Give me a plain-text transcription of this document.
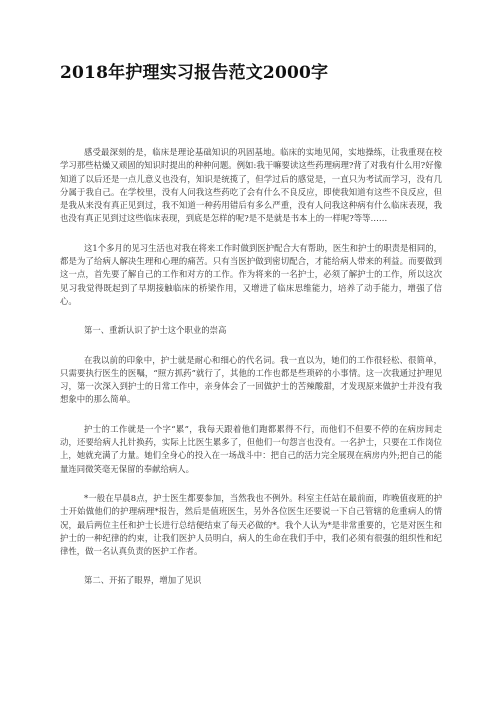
2018年护理实习报告范文2000字

感受最深刻的是，临床是理论基础知识的巩固基地。临床的实地见闻，实地操练，让我重现在校学习那些枯燥又顽固的知识时提出的种种问题。例如:我干嘛要读这些药理病理?背了对我有什么用?好像知道了以后还是一点儿意义也没有，知识是统揽了，但学过后的感觉是，一直只为考试而学习，没有几分属于我自己。在学校里，没有人问我这些药吃了会有什么不良反应，即使我知道有这些不良反应，但是我从来没有真正见到过，我不知道一种药用错后有多么严重，没有人问我这种病有什么临床表现，我也没有真正见到过这些临床表现，到底是怎样的呢?是不是就是书本上的一样呢?等等……

这1个多月的见习生活也对我在将来工作时做到医护配合大有帮助，医生和护士的职责是相同的，都是为了给病人解决生理和心理的痛苦。只有当医护做到密切配合，才能给病人带来的利益。而要做到这一点，首先要了解自己的工作和对方的工作。作为将来的一名护士，必须了解护士的工作，所以这次见习我觉得既起到了早期接触临床的桥梁作用，又增进了临床思维能力，培养了动手能力，增强了信心。

第一、重新认识了护士这个职业的崇高

在我以前的印象中，护士就是耐心和细心的代名词。我一直以为，她们的工作很轻松、很简单，只需要执行医生的医嘱，“照方抓药”就行了，其他的工作也都是些琐碎的小事情。这一次我通过护理见习，第一次深入到护士的日常工作中，亲身体会了一回做护士的苦辣酸甜，才发现原来做护士并没有我想象中的那么简单。

护士的工作就是一个字“累”，我每天跟着他们跑都累得不行，而他们不但要不停的在病房间走动，还要给病人扎针换药，实际上比医生累多了，但他们一句怨言也没有。一名护士，只要在工作岗位上，她就充满了力量。她们全身心的投入在一场战斗中：把自己的活力完全展现在病房内外;把自己的能量连同微笑毫无保留的奉献给病人。

*一般在早晨8点，护士医生都要参加，当然我也不例外。科室主任站在最前面，昨晚值夜班的护士开始做他们的护理病理*报告，然后是值班医生，另外各位医生还要说一下自己管辖的危重病人的情况，最后两位主任和护士长进行总结便结束了每天必做的*。我个人认为*是非常重要的，它是对医生和护士的一种纪律的约束，让我们医护人员明白，病人的生命在我们手中，我们必须有很强的组织性和纪律性，做一名认真负责的医护工作者。

第二、开拓了眼界，增加了见识
